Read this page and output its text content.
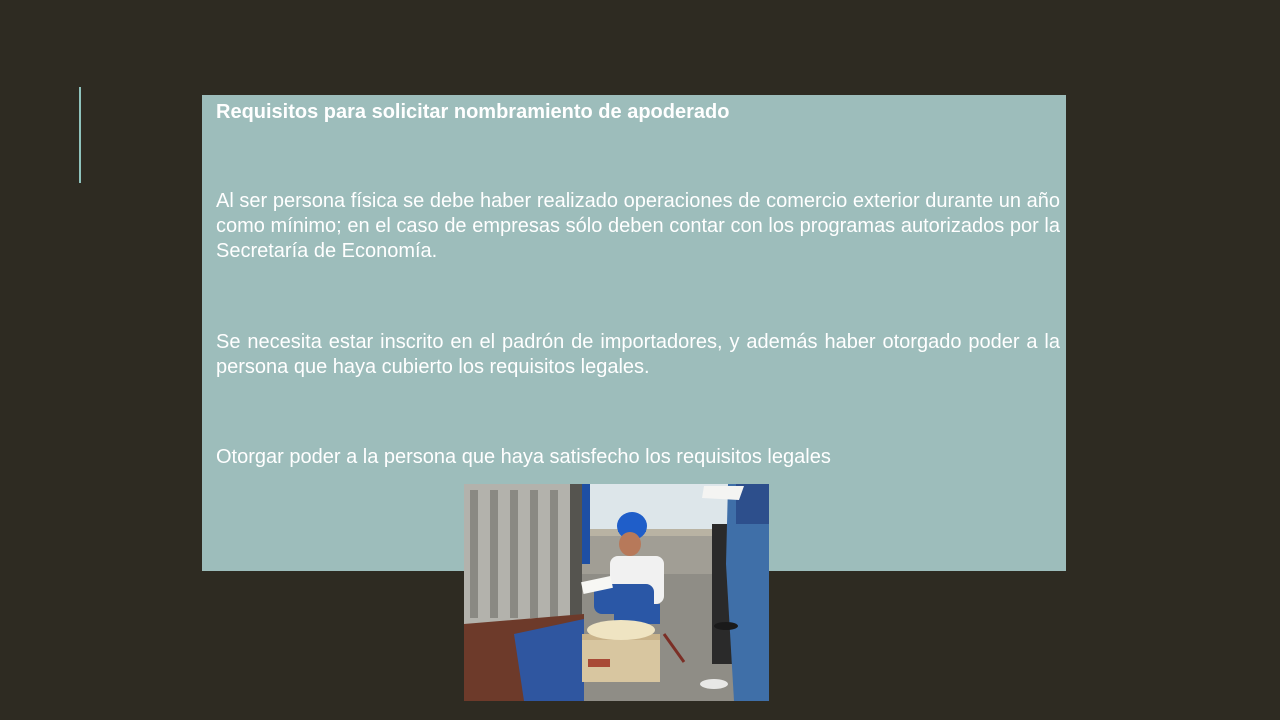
Requisitos para solicitar nombramiento de apoderado

Al ser persona física se debe haber realizado operaciones de comercio exterior durante un año como mínimo; en el caso de empresas sólo deben contar con los programas autorizados por la Secretaría de Economía.

Se necesita estar inscrito en el padrón de importadores, y además haber otorgado poder a la persona que haya cubierto los requisitos legales.

Otorgar poder a la persona que haya satisfecho los requisitos legales
